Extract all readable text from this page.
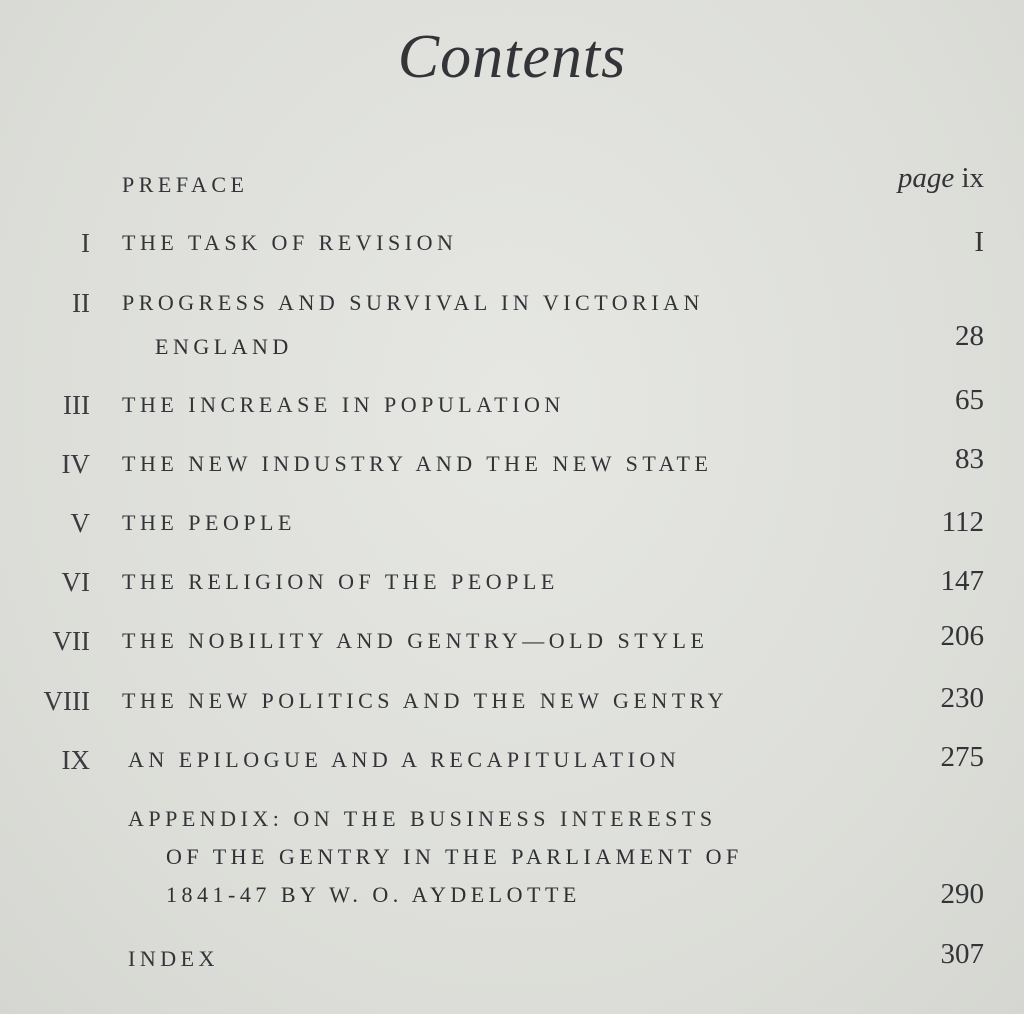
Contents
PREFACE	page ix
I THE TASK OF REVISION	I
II PROGRESS AND SURVIVAL IN VICTORIAN
ENGLAND	28
III THE INCREASE IN POPULATION	65
IV THE NEW INDUSTRY AND THE NEW STATE	83
V THE PEOPLE	112
VI THE RELIGION OF THE PEOPLE	147
VII THE NOBILITY AND GENTRY—OLD STYLE	206
VIII THE NEW POLITICS AND THE NEW GENTRY	230
IX AN EPILOGUE AND A RECAPITULATION	275
APPENDIX: ON THE BUSINESS INTERESTS
OF THE GENTRY IN THE PARLIAMENT OF
1841-47 BY W. O. AYDELOTTE	290
INDEX	307
